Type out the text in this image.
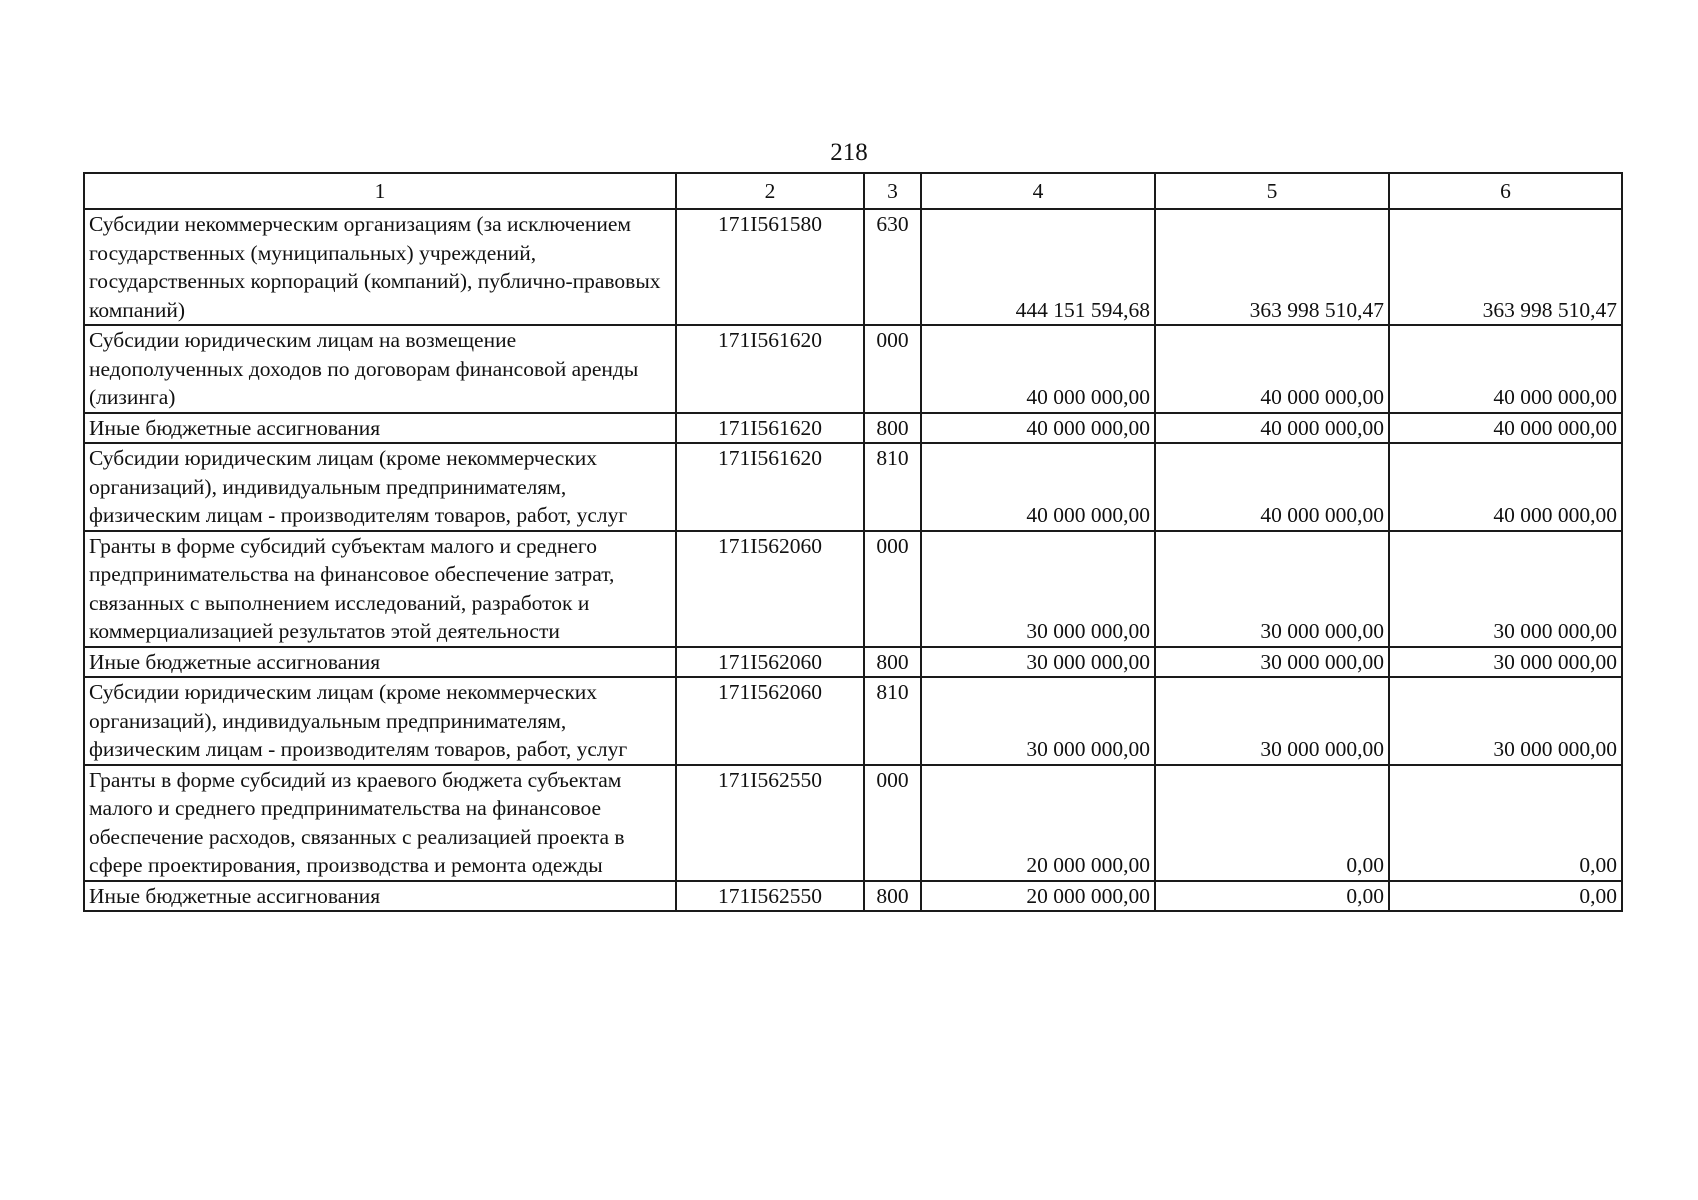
218
1	2	3	4	5	6
Субсидии некоммерческим организациям (за исключением государственных (муниципальных) учреждений, государственных корпораций (компаний), публично-правовых компаний)	171I561580	630	444 151 594,68	363 998 510,47	363 998 510,47
Субсидии юридическим лицам на возмещение недополученных доходов по договорам финансовой аренды (лизинга)	171I561620	000	40 000 000,00	40 000 000,00	40 000 000,00
Иные бюджетные ассигнования	171I561620	800	40 000 000,00	40 000 000,00	40 000 000,00
Субсидии юридическим лицам (кроме некоммерческих организаций), индивидуальным предпринимателям, физическим лицам - производителям товаров, работ, услуг	171I561620	810	40 000 000,00	40 000 000,00	40 000 000,00
Гранты в форме субсидий субъектам малого и среднего предпринимательства на финансовое обеспечение затрат, связанных с выполнением исследований, разработок и коммерциализацией результатов этой деятельности	171I562060	000	30 000 000,00	30 000 000,00	30 000 000,00
Иные бюджетные ассигнования	171I562060	800	30 000 000,00	30 000 000,00	30 000 000,00
Субсидии юридическим лицам (кроме некоммерческих организаций), индивидуальным предпринимателям, физическим лицам - производителям товаров, работ, услуг	171I562060	810	30 000 000,00	30 000 000,00	30 000 000,00
Гранты в форме субсидий из краевого бюджета субъектам малого и среднего предпринимательства на финансовое обеспечение расходов, связанных с реализацией проекта в сфере проектирования, производства и ремонта одежды	171I562550	000	20 000 000,00	0,00	0,00
Иные бюджетные ассигнования	171I562550	800	20 000 000,00	0,00	0,00
